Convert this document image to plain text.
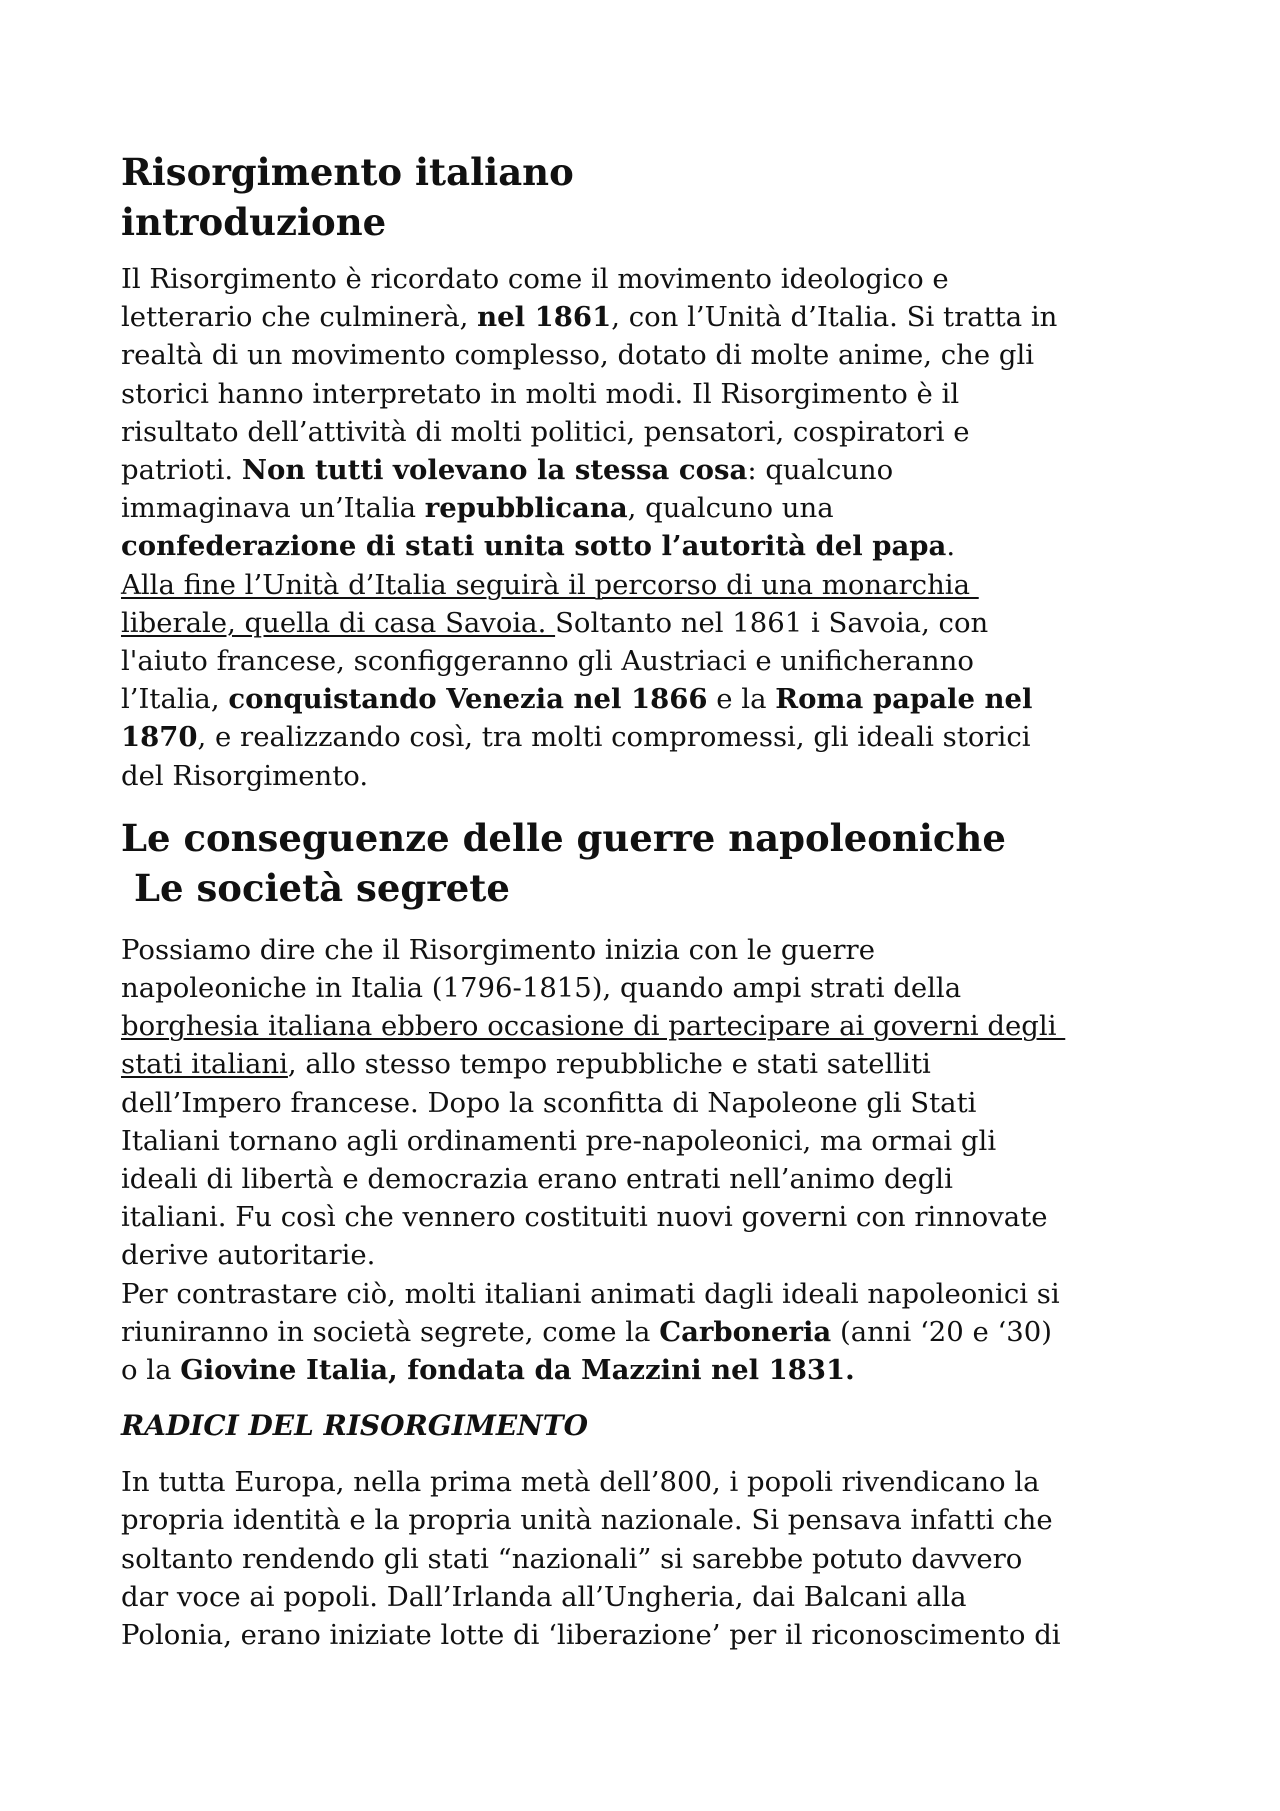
Risorgimento italiano
introduzione

Il Risorgimento è ricordato come il movimento ideologico e
letterario che culminerà, nel 1861, con l’Unità d’Italia. Si tratta in
realtà di un movimento complesso, dotato di molte anime, che gli
storici hanno interpretato in molti modi. Il Risorgimento è il
risultato dell’attività di molti politici, pensatori, cospiratori e
patrioti. Non tutti volevano la stessa cosa: qualcuno
immaginava un’Italia repubblicana, qualcuno una
confederazione di stati unita sotto l’autorità del papa.
Alla fine l’Unità d’Italia seguirà il percorso di una monarchia
liberale, quella di casa Savoia. Soltanto nel 1861 i Savoia, con
l'aiuto francese, sconfiggeranno gli Austriaci e unificheranno
l’Italia, conquistando Venezia nel 1866 e la Roma papale nel
1870, e realizzando così, tra molti compromessi, gli ideali storici
del Risorgimento.

Le conseguenze delle guerre napoleoniche
Le società segrete

Possiamo dire che il Risorgimento inizia con le guerre
napoleoniche in Italia (1796-1815), quando ampi strati della
borghesia italiana ebbero occasione di partecipare ai governi degli
stati italiani, allo stesso tempo repubbliche e stati satelliti
dell’Impero francese. Dopo la sconfitta di Napoleone gli Stati
Italiani tornano agli ordinamenti pre-napoleonici, ma ormai gli
ideali di libertà e democrazia erano entrati nell’animo degli
italiani. Fu così che vennero costituiti nuovi governi con rinnovate
derive autoritarie.
Per contrastare ciò, molti italiani animati dagli ideali napoleonici si
riuniranno in società segrete, come la Carboneria (anni ‘20 e ‘30)
o la Giovine Italia, fondata da Mazzini nel 1831.

RADICI DEL RISORGIMENTO

In tutta Europa, nella prima metà dell’800, i popoli rivendicano la
propria identità e la propria unità nazionale. Si pensava infatti che
soltanto rendendo gli stati “nazionali” si sarebbe potuto davvero
dar voce ai popoli. Dall’Irlanda all’Ungheria, dai Balcani alla
Polonia, erano iniziate lotte di ‘liberazione’ per il riconoscimento di
